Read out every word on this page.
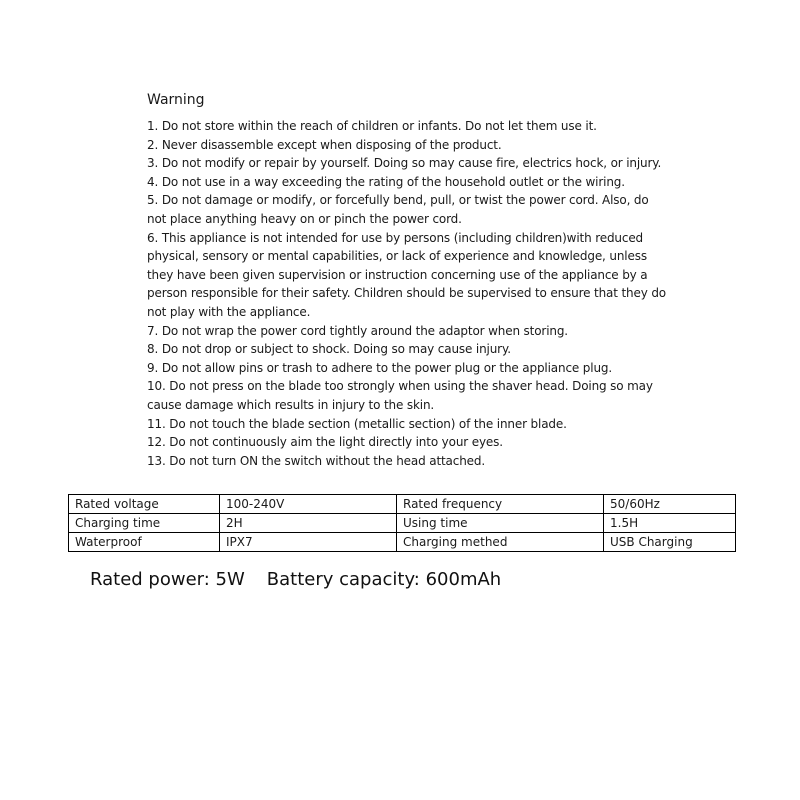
Warning
1. Do not store within the reach of children or infants. Do not let them use it.
2. Never disassemble except when disposing of the product.
3. Do not modify or repair by yourself. Doing so may cause fire, electrics hock, or injury.
4. Do not use in a way exceeding the rating of the household outlet or the wiring.
5. Do not damage or modify, or forcefully bend, pull, or twist the power cord. Also, do not place anything heavy on or pinch the power cord.
6. This appliance is not intended for use by persons (including children)with reduced physical, sensory or mental capabilities, or lack of experience and knowledge, unless they have been given supervision or instruction concerning use of the appliance by a person responsible for their safety. Children should be supervised to ensure that they do not play with the appliance.
7. Do not wrap the power cord tightly around the adaptor when storing.
8. Do not drop or subject to shock. Doing so may cause injury.
9. Do not allow pins or trash to adhere to the power plug or the appliance plug.
10. Do not press on the blade too strongly when using the shaver head. Doing so may cause damage which results in injury to the skin.
11. Do not touch the blade section (metallic section) of the inner blade.
12. Do not continuously aim the light directly into your eyes.
13. Do not turn ON the switch without the head attached.
Rated voltage	100-240V	Rated frequency	50/60Hz
Charging time	2H	Using time	1.5H
Waterproof	IPX7	Charging methed	USB Charging
Rated power: 5W Battery capacity: 600mAh
